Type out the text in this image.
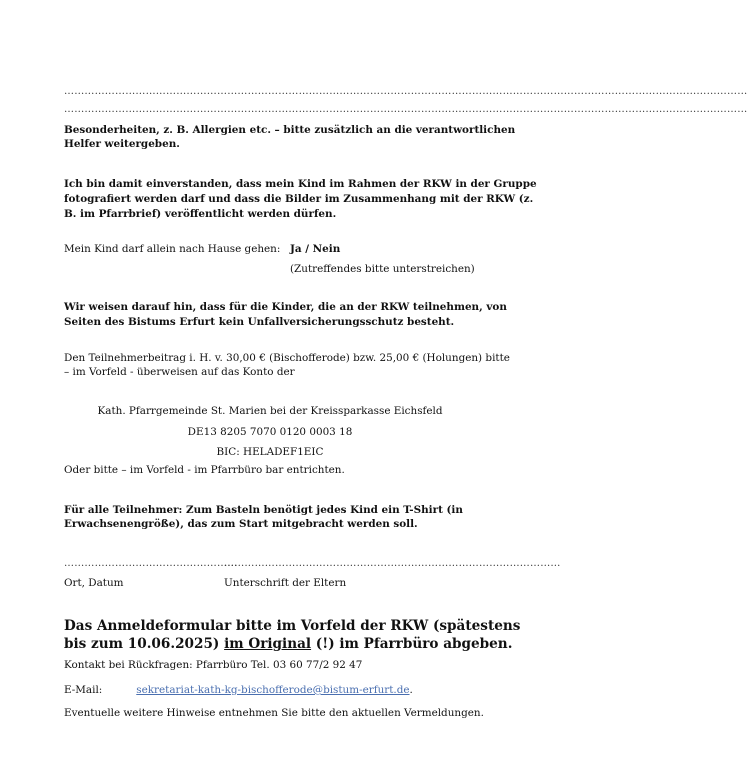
…………………………………………………………………………………………………………………………………………………………………………………
…………………………………………………………………………………………………………………………………………………………………………………
Besonderheiten, z. B. Allergien etc. – bitte zusätzlich an die verantwortlichen
Helfer weitergeben.
Ich bin damit einverstanden, dass mein Kind im Rahmen der RKW in der Gruppe
fotografiert werden darf und dass die Bilder im Zusammenhang mit der RKW (z.
B. im Pfarrbrief) veröffentlicht werden dürfen.
Mein Kind darf allein nach Hause gehen: Ja / Nein
(Zutreffendes bitte unterstreichen)
Wir weisen darauf hin, dass für die Kinder, die an der RKW teilnehmen, von
Seiten des Bistums Erfurt kein Unfallversicherungsschutz besteht.
Den Teilnehmerbeitrag i. H. v. 30,00 € (Bischofferode) bzw. 25,00 € (Holungen) bitte
– im Vorfeld - überweisen auf das Konto der
Kath. Pfarrgemeinde St. Marien bei der Kreissparkasse Eichsfeld
DE13 8205 7070 0120 0003 18
BIC: HELADEF1EIC
Oder bitte – im Vorfeld - im Pfarrbüro bar entrichten.
Für alle Teilnehmer: Zum Basteln benötigt jedes Kind ein T-Shirt (in
Erwachsenengröße), das zum Start mitgebracht werden soll.
……………………………………………
………………………………………………………………………………………
Ort, Datum	Unterschrift der Eltern
Das Anmeldeformular bitte im Vorfeld der RKW (spätestens
bis zum 10.06.2025) im Original (!) im Pfarrbüro abgeben.
Kontakt bei Rückfragen: Pfarrbüro Tel. 03 60 77/2 92 47
E-Mail:	sekretariat-kath-kg-bischofferode@bistum-erfurt.de.
Eventuelle weitere Hinweise entnehmen Sie bitte den aktuellen Vermeldungen.
